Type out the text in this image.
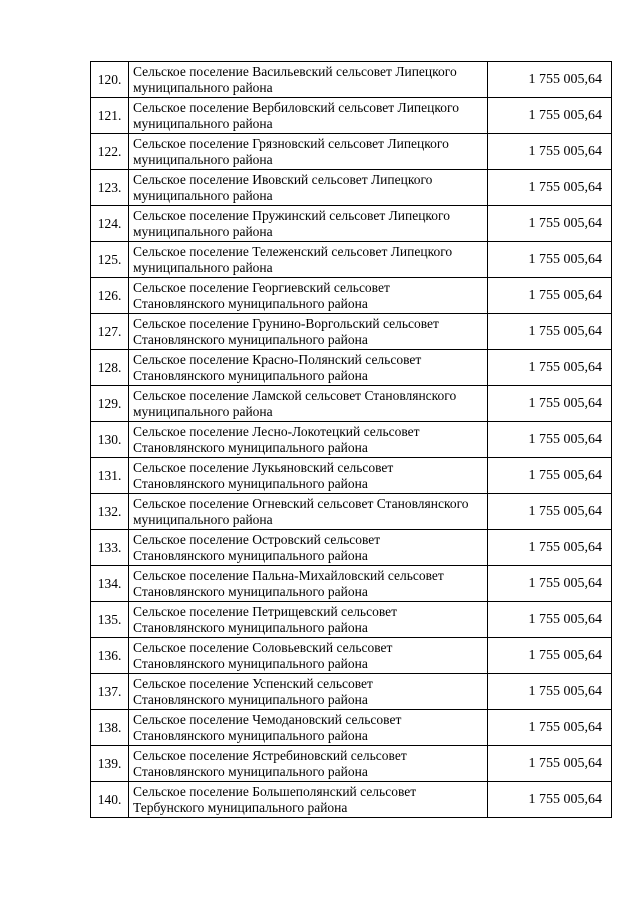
120.	Сельское поселение Васильевский сельсовет Липецкого
муниципального района	1 755 005,64
121.	Сельское поселение Вербиловский сельсовет Липецкого
муниципального района	1 755 005,64
122.	Сельское поселение Грязновский сельсовет Липецкого
муниципального района	1 755 005,64
123.	Сельское поселение Ивовский сельсовет Липецкого
муниципального района	1 755 005,64
124.	Сельское поселение Пружинский сельсовет Липецкого
муниципального района	1 755 005,64
125.	Сельское поселение Тележенский сельсовет Липецкого
муниципального района	1 755 005,64
126.	Сельское поселение Георгиевский сельсовет
Становлянского муниципального района	1 755 005,64
127.	Сельское поселение Грунино-Воргольский сельсовет
Становлянского муниципального района	1 755 005,64
128.	Сельское поселение Красно-Полянский сельсовет
Становлянского муниципального района	1 755 005,64
129.	Сельское поселение Ламской сельсовет Становлянского
муниципального района	1 755 005,64
130.	Сельское поселение Лесно-Локотецкий сельсовет
Становлянского муниципального района	1 755 005,64
131.	Сельское поселение Лукьяновский сельсовет
Становлянского муниципального района	1 755 005,64
132.	Сельское поселение Огневский сельсовет Становлянского
муниципального района	1 755 005,64
133.	Сельское поселение Островский сельсовет
Становлянского муниципального района	1 755 005,64
134.	Сельское поселение Пальна-Михайловский сельсовет
Становлянского муниципального района	1 755 005,64
135.	Сельское поселение Петрищевский сельсовет
Становлянского муниципального района	1 755 005,64
136.	Сельское поселение Соловьевский сельсовет
Становлянского муниципального района	1 755 005,64
137.	Сельское поселение Успенский сельсовет
Становлянского муниципального района	1 755 005,64
138.	Сельское поселение Чемодановский сельсовет
Становлянского муниципального района	1 755 005,64
139.	Сельское поселение Ястребиновский сельсовет
Становлянского муниципального района	1 755 005,64
140.	Сельское поселение Большеполянский сельсовет
Тербунского муниципального района	1 755 005,64
